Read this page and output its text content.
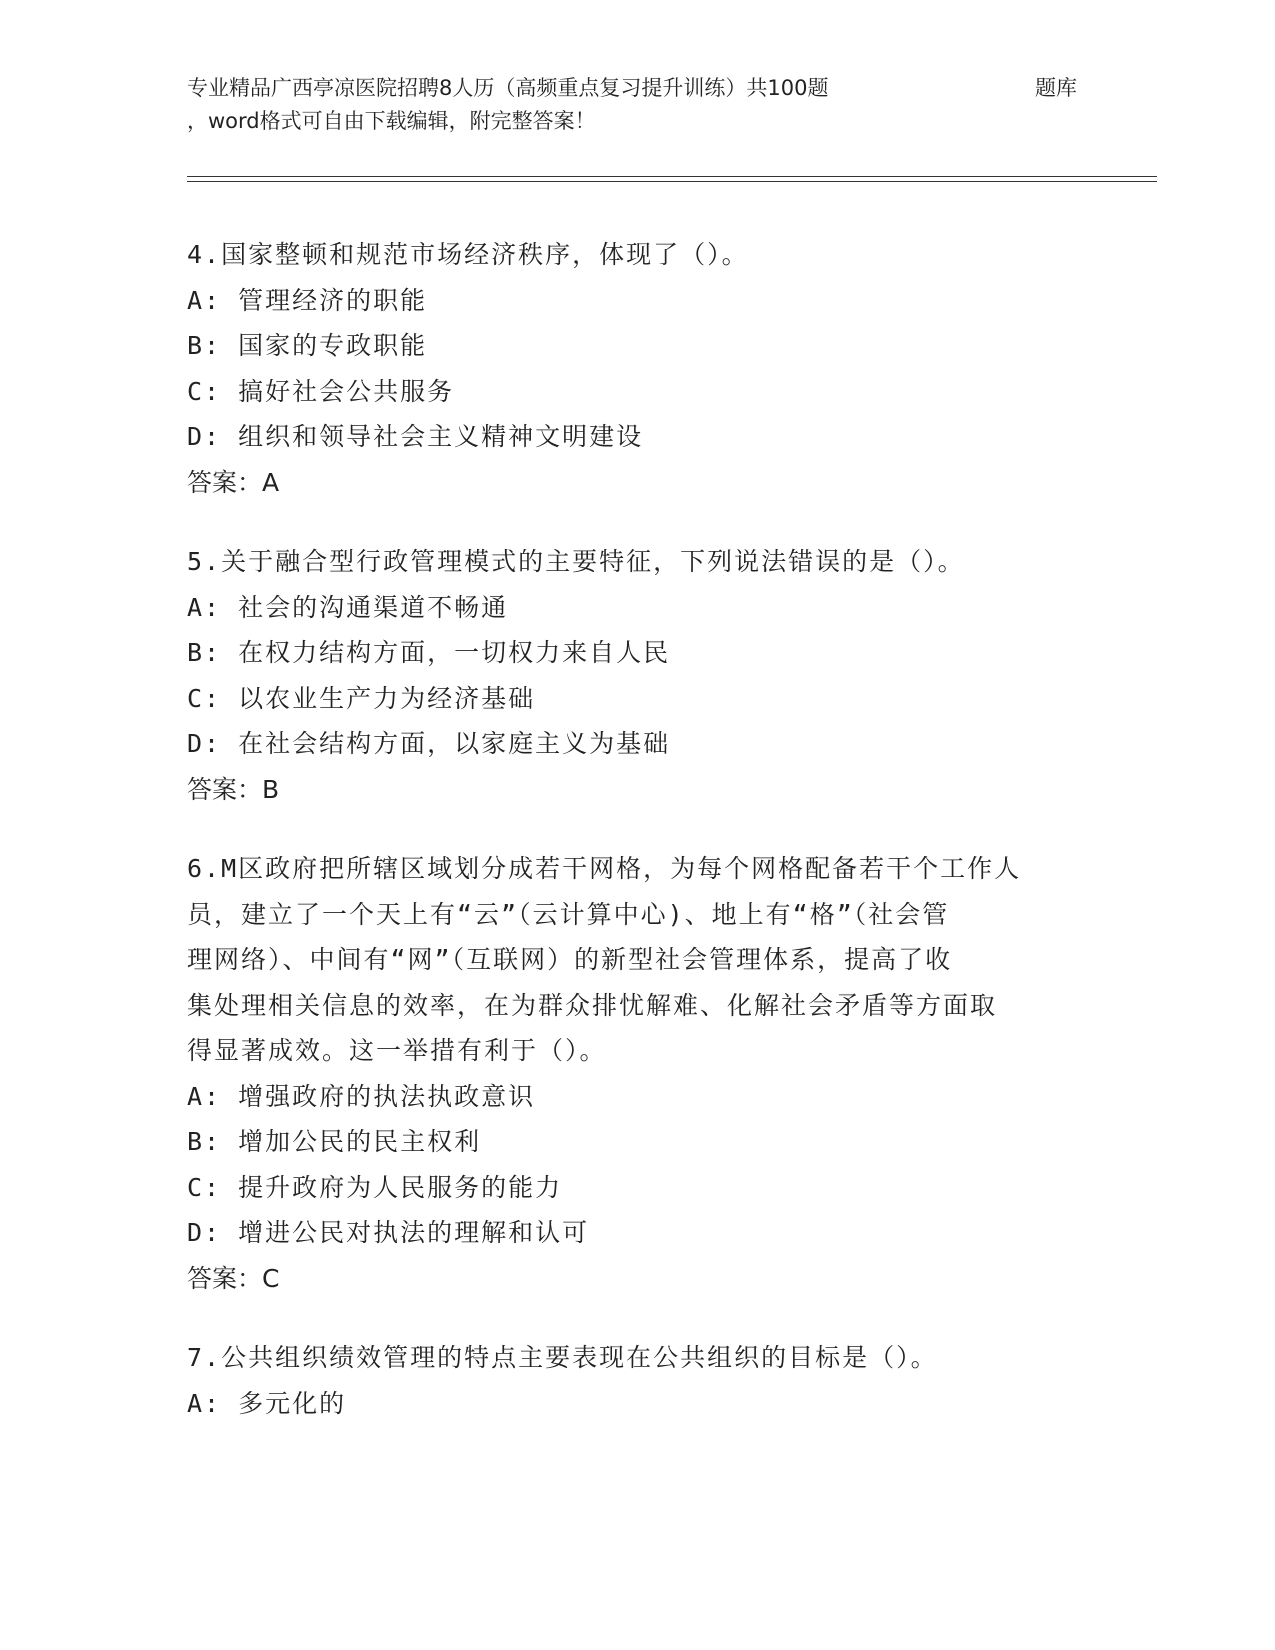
专业精品广西亭凉医院招聘8人历（高频重点复习提升训练）共100题	题库
，word格式可自由下载编辑，附完整答案！
4.国家整顿和规范市场经济秩序，体现了（）。
A: 管理经济的职能
B: 国家的专政职能
C: 搞好社会公共服务
D: 组织和领导社会主义精神文明建设
答案：A
5.关于融合型行政管理模式的主要特征，下列说法错误的是（）。
A: 社会的沟通渠道不畅通
B: 在权力结构方面，一切权力来自人民
C: 以农业生产力为经济基础
D: 在社会结构方面，以家庭主义为基础
答案：B
6.M区政府把所辖区域划分成若干网格，为每个网格配备若干个工作人
员，建立了一个天上有“云”（云计算中心)、地上有“格”（社会管
理网络）、中间有“网”（互联网）的新型社会管理体系，提高了收
集处理相关信息的效率，在为群众排忧解难、化解社会矛盾等方面取
得显著成效。这一举措有利于（）。
A: 增强政府的执法执政意识
B: 增加公民的民主权利
C: 提升政府为人民服务的能力
D: 增进公民对执法的理解和认可
答案：C
7.公共组织绩效管理的特点主要表现在公共组织的目标是（）。
A: 多元化的
